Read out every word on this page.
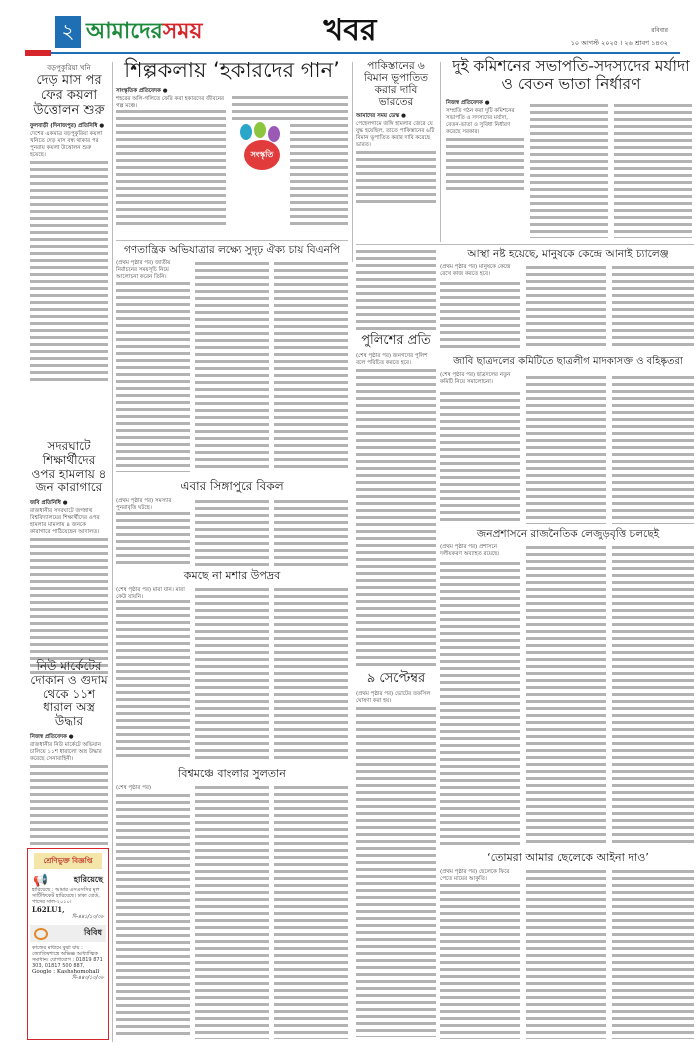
২ আমাদেরসময়	খবর	রবিবার
১০ আগস্ট ২০২৫ । ২৬ শ্রাবণ ১৪৩২
বড়পুকুরিয়া খনি
দেড় মাস পর ফের কয়লা উত্তোলন শুরু
ফুলবাড়ী (দিনাজপুর) প্রতিনিধি ●
দেশের একমাত্র বড়পুকুরিয়া কয়লা খনিতে দেড় মাস বন্ধ থাকার পর পুনরায় কয়লা উত্তোলন শুরু হয়েছে।
সদরঘাটে শিক্ষার্থীদের ওপর হামলায় ৪ জন কারাগারে
জবি প্রতিনিধি ●
রাজধানীর সদরঘাটে জগন্নাথ বিশ্ববিদ্যালয়ের শিক্ষার্থীদের ওপর হামলার মামলায় ৪ জনকে কারাগারে পাঠিয়েছেন আদালত।
নিউ মার্কেটের দোকান ও গুদাম থেকে ১১শ ধারাল অস্ত্র উদ্ধার
নিজস্ব প্রতিবেদক ●
রাজধানীর নিউ মার্কেটে অভিযান চালিয়ে ১১শ ধারালো অস্ত্র উদ্ধার করেছে সেনাবাহিনী।
শ্রেণিভুক্ত বিজ্ঞপ্তি
📢	হারিয়েছে
হারিয়েছে : আমার এসএসসির মূল সার্টিফিকেট হারিয়েছে। ঢাকা বোর্ড, পাসের সাল-২০১০।
L62LU1,
দি-৪৪১/১০/০৮
বিবিধ
কাজের মাধ্যমে বুঝা যায় : জ্যোতিষশাস্ত্রে অভিজ্ঞ আধ্যাত্মিক সমাধান। যোগাযোগ : 01819 871 303, 01817 500 887,
Google : Kashshomohall
দি-৪৪০/১০/০৮
শিল্পকলায় ‘হকারদের গান’
সাংস্কৃতিক প্রতিবেদক ●
শহরের অলি-গলিতে ফেরি করা হকারদের জীবনের গল্প মঞ্চে।
সংস্কৃতি
গণতান্ত্রিক অভিযাত্রার লক্ষ্যে সুদৃঢ় ঐক্য চায় বিএনপি
(প্রথম পৃষ্ঠার পর) জাতীয় নির্বাচনের সময়সূচি নিয়ে আলোচনা করেন তিনি।
এবার সিঙ্গাপুরে বিকল
(প্রথম পৃষ্ঠার পর) সমস্যার পুনরাবৃত্তি ঘটছে।
কমছে না মশার উপদ্রব
(শেষ পৃষ্ঠার পর) মারা যান। মারা কেউ যায়নি।
বিশ্বমঞ্চে বাংলার সুলতান
(শেষ পৃষ্ঠার পর)
পাকিস্তানের ৬ বিমান ভূপাতিত করার দাবি ভারতের
আমাদের সময় ডেস্ক ●
পেহেলগামে জঙ্গি হামলার জেরে যে যুদ্ধ হয়েছিল, তাতে পাকিস্তানের ৬টি বিমান ভূপাতিত করার দাবি করেছে ভারত।
দুই কমিশনের সভাপতি-সদস্যদের মর্যাদা ও বেতন ভাতা নির্ধারণ
নিজস্ব প্রতিবেদক ●
সম্প্রতি গঠন করা দুটি কমিশনের সভাপতি ও সদস্যদের মর্যাদা, বেতন-ভাতা ও সুবিধা নির্ধারণ করেছে সরকার।
আস্থা নষ্ট হয়েছে, মানুষকে কেন্দ্রে আনাই চ্যালেঞ্জ
(প্রথম পৃষ্ঠার পর) মানুষকে কেন্দ্রে রেখে কাজ করতে হবে।
পুলিশের প্রতি
(শেষ পৃষ্ঠার পর) জনগণের পুলিশ বলে পরিচিত করতে হবে।	জাবি ছাত্রদলের কমিটিতে ছাত্রলীগ মাদকাসক্ত ও বহিষ্কৃতরা
(শেষ পৃষ্ঠার পর) ছাত্রদলের নতুন কমিটি নিয়ে সমালোচনা।
জনপ্রশাসনে রাজনৈতিক লেজুড়বৃত্তি চলছেই
(প্রথম পৃষ্ঠার পর) প্রশাসনে দলীয়করণ অব্যাহত রয়েছে।
৯ সেপ্টেম্বর
(প্রথম পৃষ্ঠার পর) ভোটের তফসিল ঘোষণা করা হয়।
‘তোমরা আমার ছেলেকে আইনা দাও’
(প্রথম পৃষ্ঠার পর) ছেলেকে ফিরে পেতে মায়ের আকুতি।
